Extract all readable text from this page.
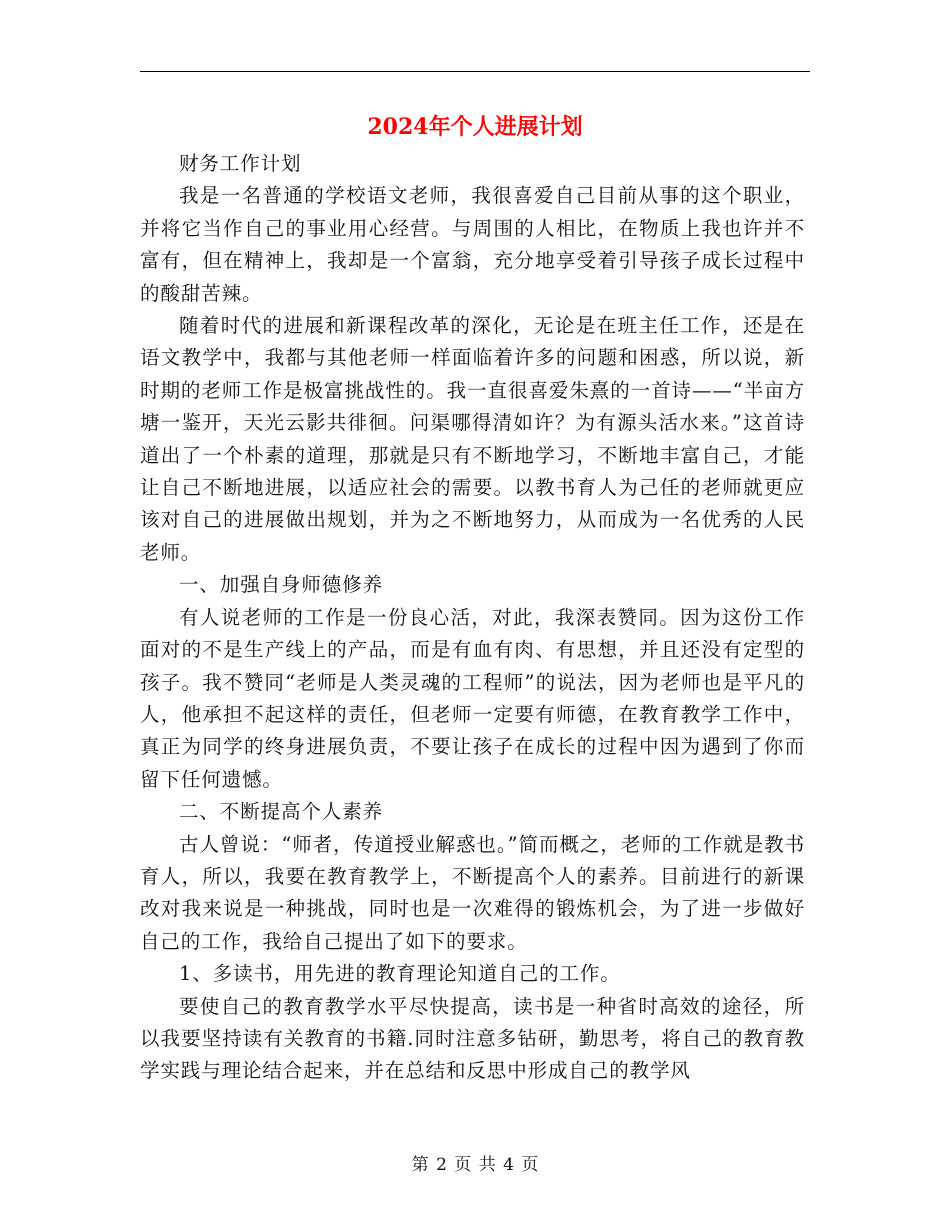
2024年个人进展计划

财务工作计划

我是一名普通的学校语文老师，我很喜爱自己目前从事的这个职业，并将它当作自己的事业用心经营。与周围的人相比，在物质上我也许并不富有，但在精神上，我却是一个富翁，充分地享受着引导孩子成长过程中的酸甜苦辣。

随着时代的进展和新课程改革的深化，无论是在班主任工作，还是在语文教学中，我都与其他老师一样面临着许多的问题和困惑，所以说，新时期的老师工作是极富挑战性的。我一直很喜爱朱熹的一首诗——“半亩方塘一鉴开，天光云影共徘徊。问渠哪得清如许？为有源头活水来。”这首诗道出了一个朴素的道理，那就是只有不断地学习，不断地丰富自己，才能让自己不断地进展，以适应社会的需要。以教书育人为己任的老师就更应该对自己的进展做出规划，并为之不断地努力，从而成为一名优秀的人民老师。

一、加强自身师德修养

有人说老师的工作是一份良心活，对此，我深表赞同。因为这份工作面对的不是生产线上的产品，而是有血有肉、有思想，并且还没有定型的孩子。我不赞同“老师是人类灵魂的工程师”的说法，因为老师也是平凡的人，他承担不起这样的责任，但老师一定要有师德，在教育教学工作中，真正为同学的终身进展负责，不要让孩子在成长的过程中因为遇到了你而留下任何遗憾。

二、不断提高个人素养

古人曾说：“师者，传道授业解惑也。”简而概之，老师的工作就是教书育人，所以，我要在教育教学上，不断提高个人的素养。目前进行的新课改对我来说是一种挑战，同时也是一次难得的锻炼机会，为了进一步做好自己的工作，我给自己提出了如下的要求。

1、多读书，用先进的教育理论知道自己的工作。

要使自己的教育教学水平尽快提高，读书是一种省时高效的途径，所以我要坚持读有关教育的书籍.同时注意多钻研，勤思考，将自己的教育教学实践与理论结合起来，并在总结和反思中形成自己的教学风

第 2 页 共 4 页
